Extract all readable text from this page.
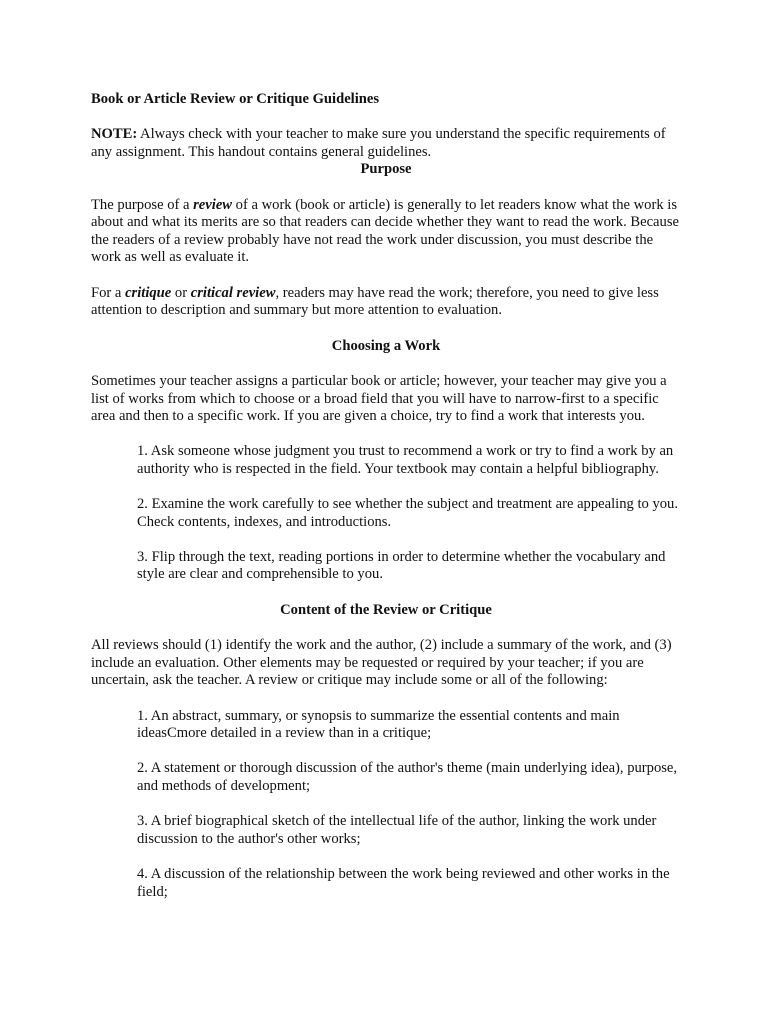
Book or Article Review or Critique Guidelines

NOTE: Always check with your teacher to make sure you understand the specific requirements of any assignment. This handout contains general guidelines.

Purpose

The purpose of a review of a work (book or article) is generally to let readers know what the work is about and what its merits are so that readers can decide whether they want to read the work. Because the readers of a review probably have not read the work under discussion, you must describe the work as well as evaluate it.

For a critique or critical review, readers may have read the work; therefore, you need to give less attention to description and summary but more attention to evaluation.

Choosing a Work

Sometimes your teacher assigns a particular book or article; however, your teacher may give you a list of works from which to choose or a broad field that you will have to narrow-first to a specific area and then to a specific work. If you are given a choice, try to find a work that interests you.

1. Ask someone whose judgment you trust to recommend a work or try to find a work by an authority who is respected in the field. Your textbook may contain a helpful bibliography.

2. Examine the work carefully to see whether the subject and treatment are appealing to you. Check contents, indexes, and introductions.

3. Flip through the text, reading portions in order to determine whether the vocabulary and style are clear and comprehensible to you.

Content of the Review or Critique

All reviews should (1) identify the work and the author, (2) include a summary of the work, and (3) include an evaluation. Other elements may be requested or required by your teacher; if you are uncertain, ask the teacher. A review or critique may include some or all of the following:

1. An abstract, summary, or synopsis to summarize the essential contents and main ideasCmore detailed in a review than in a critique;

2. A statement or thorough discussion of the author's theme (main underlying idea), purpose, and methods of development;

3. A brief biographical sketch of the intellectual life of the author, linking the work under discussion to the author's other works;

4. A discussion of the relationship between the work being reviewed and other works in the field;
